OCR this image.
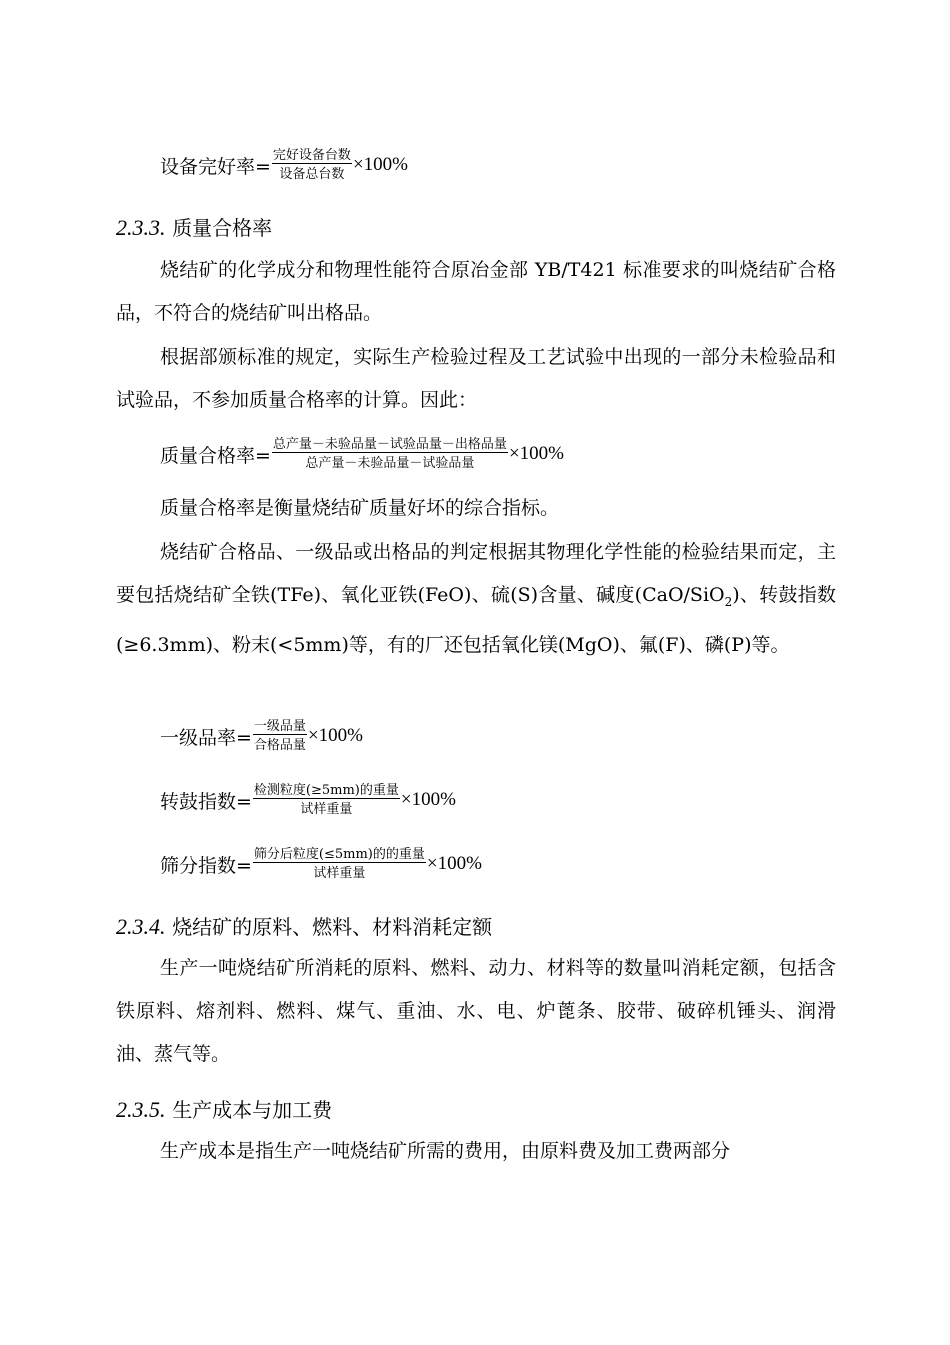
设备完好率= $\frac{\text{完好设备台数}}{\text{设备总台数}} \times 100\%$
2.3.3. 质量合格率
烧结矿的化学成分和物理性能符合原冶金部 YB/T421 标准要求的叫烧结矿合格品，不符合的烧结矿叫出格品。
根据部颁标准的规定，实际生产检验过程及工艺试验中出现的一部分未检验品和试验品，不参加质量合格率的计算。因此：
质量合格率= $\frac{\text{总产量－未验品量－试验品量－出格品量}}{\text{总产量－未验品量－试验品量}} \times 100\%$
质量合格率是衡量烧结矿质量好坏的综合指标。
烧结矿合格品、一级品或出格品的判定根据其物理化学性能的检验结果而定，主要包括烧结矿全铁(TFe)、氧化亚铁(FeO)、硫(S)含量、碱度(CaO/SiO$_2$)、转鼓指数(≥6.3mm)、粉末(<5mm)等，有的厂还包括氧化镁(MgO)、氟(F)、磷(P)等。
一级品率= $\frac{\text{一级品量}}{\text{合格品量}} \times 100\%$
转鼓指数= $\frac{\text{检测粒度(≥5mm)的重量}}{\text{试样重量}} \times 100\%$
筛分指数= $\frac{\text{筛分后粒度(≤5mm)的的重量}}{\text{试样重量}} \times 100\%$
2.3.4. 烧结矿的原料、燃料、材料消耗定额
生产一吨烧结矿所消耗的原料、燃料、动力、材料等的数量叫消耗定额，包括含铁原料、熔剂料、燃料、煤气、重油、水、电、炉蓖条、胶带、破碎机锤头、润滑油、蒸气等。
2.3.5. 生产成本与加工费
生产成本是指生产一吨烧结矿所需的费用，由原料费及加工费两部分
